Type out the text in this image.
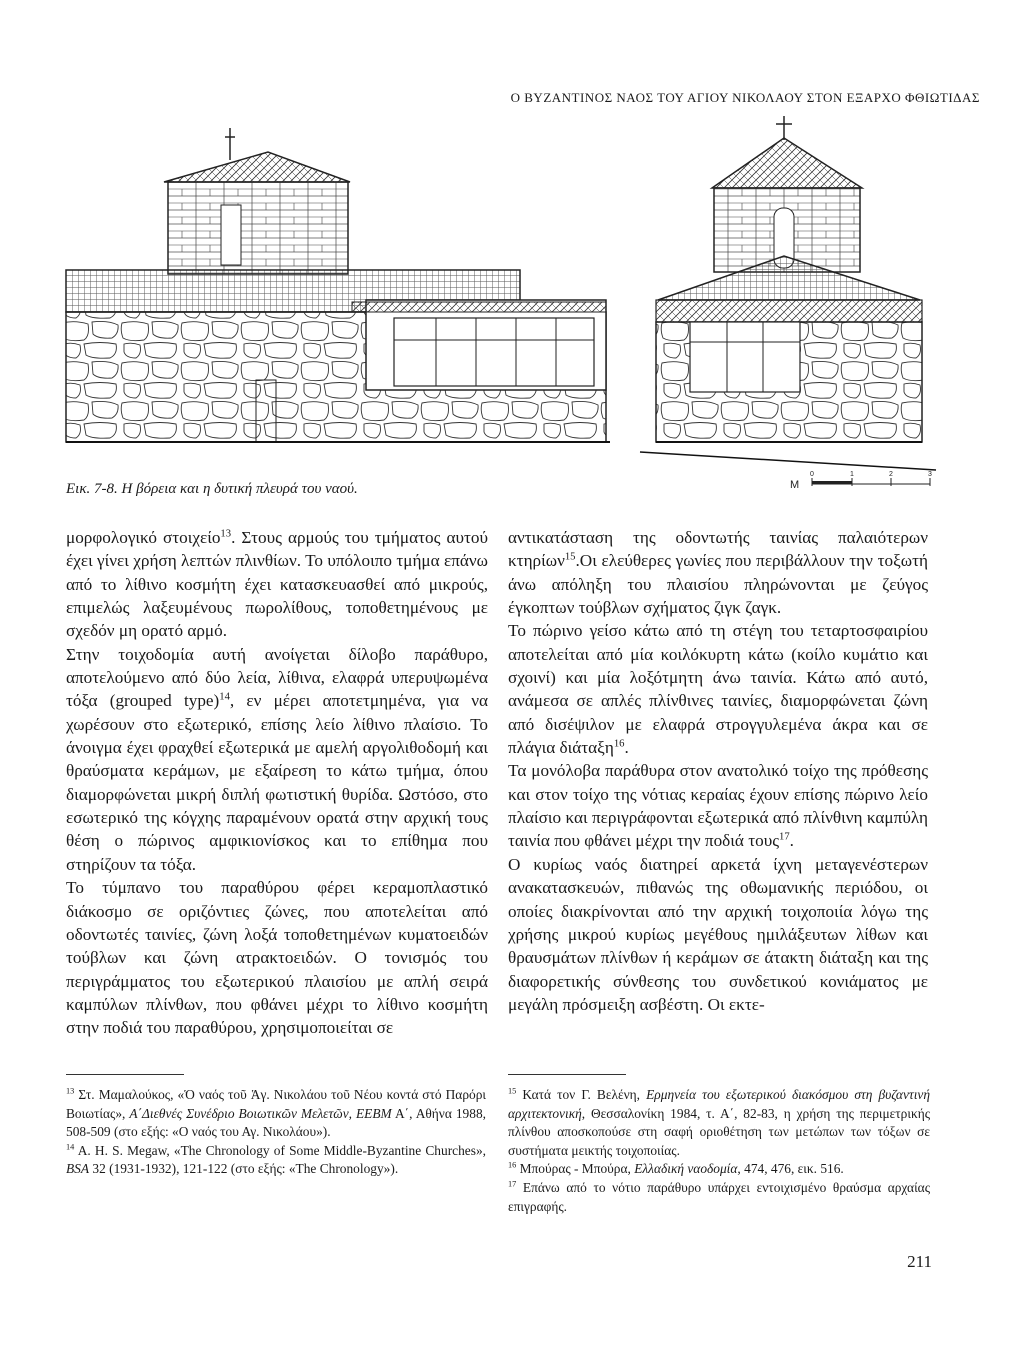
Ο ΒΥΖΑΝΤΙΝΟΣ ΝΑΟΣ ΤΟΥ ΑΓΙΟΥ ΝΙΚΟΛΑΟΥ ΣΤΟΝ ΕΞΑΡΧΟ ΦΘΙΩΤΙΔΑΣ
M
0	1	2	3
Εικ. 7-8. Η βόρεια και η δυτική πλευρά του ναού.

μορφολογικό στοιχείο$^{13}$. Στους αρμούς του τμήματος αυτού έχει γίνει χρήση λεπτών πλινθίων. Το υπόλοιπο τμήμα επάνω από το λίθινο κοσμήτη έχει κατασκευασθεί από μικρούς, επιμελώς λαξευμένους πωρολίθους, τοποθετημένους με σχεδόν μη ορατό αρμό.

Στην τοιχοδομία αυτή ανοίγεται δίλοβο παράθυρο, αποτελούμενο από δύο λεία, λίθινα, ελαφρά υπερυψωμένα τόξα (grouped type)$^{14}$, εν μέρει αποτετμημένα, για να χωρέσουν στο εξωτερικό, επίσης λείο λίθινο πλαίσιο. Το άνοιγμα έχει φραχθεί εξωτερικά με αμελή αργολιθοδομή και θραύσματα κεράμων, με εξαίρεση το κάτω τμήμα, όπου διαμορφώνεται μικρή διπλή φωτιστική θυρίδα. Ωστόσο, στο εσωτερικό της κόγχης παραμένουν ορατά στην αρχική τους θέση ο πώρινος αμφικιονίσκος και το επίθημα που στηρίζουν τα τόξα.

Το τύμπανο του παραθύρου φέρει κεραμοπλαστικό διάκοσμο σε οριζόντιες ζώνες, που αποτελείται από οδοντωτές ταινίες, ζώνη λοξά τοποθετημένων κυματοειδών τούβλων και ζώνη ατρακτοειδών. Ο τονισμός του περιγράμματος του εξωτερικού πλαισίου με απλή σειρά καμπύλων πλίνθων, που φθάνει μέχρι το λίθινο κοσμήτη στην ποδιά του παραθύρου, χρησιμοποιείται σε

αντικατάσταση της οδοντωτής ταινίας παλαιότερων κτηρίων$^{15}$.Οι ελεύθερες γωνίες που περιβάλλουν την τοξωτή άνω απόληξη του πλαισίου πληρώνονται με ζεύγος έγκοπτων τούβλων σχήματος ζιγκ ζαγκ.

Το πώρινο γείσο κάτω από τη στέγη του τεταρτοσφαιρίου αποτελείται από μία κοιλόκυρτη κάτω (κοίλο κυμάτιο και σχοινί) και μία λοξότμητη άνω ταινία. Κάτω από αυτό, ανάμεσα σε απλές πλίνθινες ταινίες, διαμορφώνεται ζώνη από δισέψιλον με ελαφρά στρογγυλεμένα άκρα και σε πλάγια διάταξη$^{16}$.

Τα μονόλοβα παράθυρα στον ανατολικό τοίχο της πρόθεσης και στον τοίχο της νότιας κεραίας έχουν επίσης πώρινο λείο πλαίσιο και περιγράφονται εξωτερικά από πλίνθινη καμπύλη ταινία που φθάνει μέχρι την ποδιά τους$^{17}$.

Ο κυρίως ναός διατηρεί αρκετά ίχνη μεταγενέστερων ανακατασκευών, πιθανώς της οθωμανικής περιόδου, οι οποίες διακρίνονται από την αρχική τοιχοποιία λόγω της χρήσης μικρού κυρίως μεγέθους ημιλάξευτων λίθων και θραυσμάτων πλίνθων ή κεράμων σε άτακτη διάταξη και της διαφορετικής σύνθεσης του συνδετικού κονιάματος με μεγάλη πρόσμειξη ασβέστη. Οι εκτε-

$^{13}$ Στ. Μαμαλούκος, «Ὁ ναός τοῦ Ἁγ. Νικολάου τοῦ Νέου κοντά στό Παρόρι Βοιωτίας», Α΄Διεθνές Συνέδριο Βοιωτικῶν Μελετῶν, ΕΕΒΜ Α΄, Αθήνα 1988, 508-509 (στο εξής: «Ο ναός του Αγ. Νικολάου»).

$^{14}$ A. H. S. Megaw, «The Chronology of Some Middle-Byzantine Churches», BSA 32 (1931-1932), 121-122 (στο εξής: «The Chronology»).

$^{15}$ Κατά τον Γ. Βελένη, Ερμηνεία του εξωτερικού διακόσμου στη βυζαντινή αρχιτεκτονική, Θεσσαλονίκη 1984, τ. Α΄, 82-83, η χρήση της περιμετρικής πλίνθου αποσκοπούσε στη σαφή οριοθέτηση των μετώπων των τόξων σε συστήματα μεικτής τοιχοποιίας.

$^{16}$ Μπούρας - Μπούρα, Ελλαδική ναοδομία, 474, 476, εικ. 516.

$^{17}$ Επάνω από το νότιο παράθυρο υπάρχει εντοιχισμένο θραύσμα αρχαίας επιγραφής.

211
